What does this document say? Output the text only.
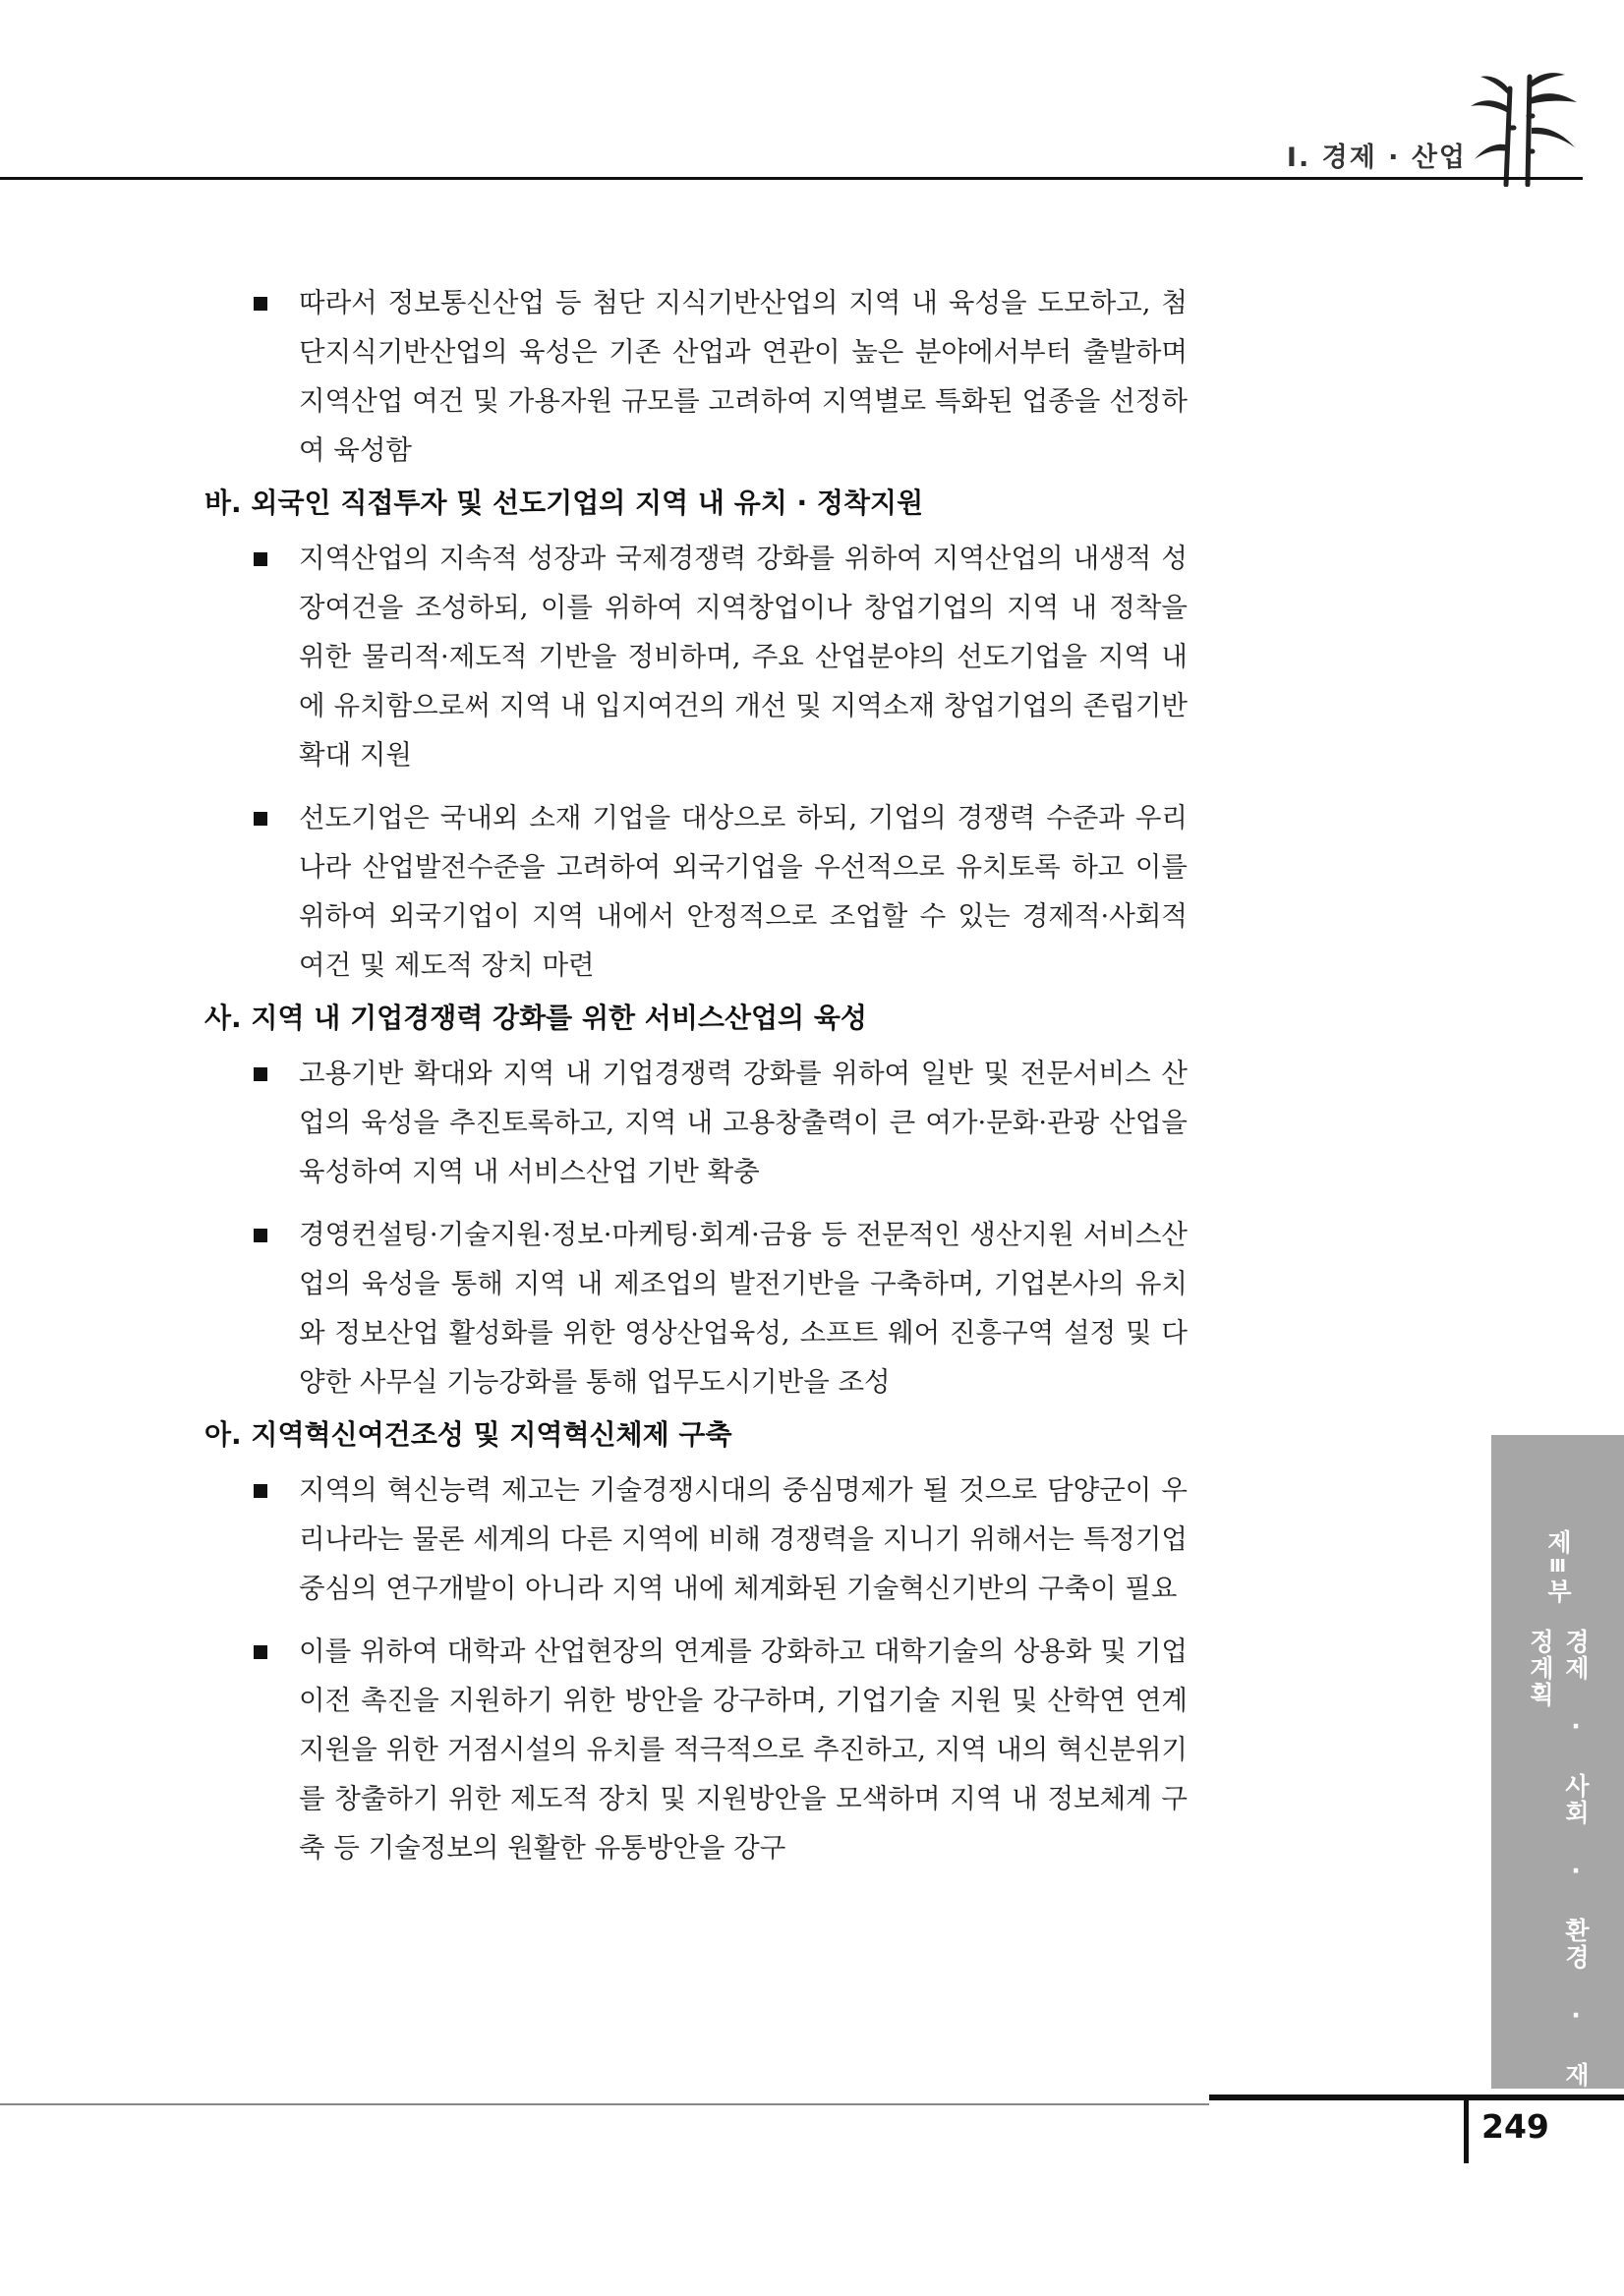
Ⅰ. 경제 · 산업
따라서 정보통신산업 등 첨단 지식기반산업의 지역 내 육성을 도모하고, 첨단지식기반산업의 육성은 기존 산업과 연관이 높은 분야에서부터 출발하며 지역산업 여건 및 가용자원 규모를 고려하여 지역별로 특화된 업종을 선정하여 육성함
바. 외국인 직접투자 및 선도기업의 지역 내 유치 · 정착지원
지역산업의 지속적 성장과 국제경쟁력 강화를 위하여 지역산업의 내생적 성장여건을 조성하되, 이를 위하여 지역창업이나 창업기업의 지역 내 정착을 위한 물리적·제도적 기반을 정비하며, 주요 산업분야의 선도기업을 지역 내에 유치함으로써 지역 내 입지여건의 개선 및 지역소재 창업기업의 존립기반 확대 지원
선도기업은 국내외 소재 기업을 대상으로 하되, 기업의 경쟁력 수준과 우리나라 산업발전수준을 고려하여 외국기업을 우선적으로 유치토록 하고 이를 위하여 외국기업이 지역 내에서 안정적으로 조업할 수 있는 경제적·사회적 여건 및 제도적 장치 마련
사. 지역 내 기업경쟁력 강화를 위한 서비스산업의 육성
고용기반 확대와 지역 내 기업경쟁력 강화를 위하여 일반 및 전문서비스 산업의 육성을 추진토록하고, 지역 내 고용창출력이 큰 여가·문화·관광 산업을 육성하여 지역 내 서비스산업 기반 확충
경영컨설팅·기술지원·정보·마케팅·회계·금융 등 전문적인 생산지원 서비스산업의 육성을 통해 지역 내 제조업의 발전기반을 구축하며, 기업본사의 유치와 정보산업 활성화를 위한 영상산업육성, 소프트 웨어 진흥구역 설정 및 다양한 사무실 기능강화를 통해 업무도시기반을 조성
아. 지역혁신여건조성 및 지역혁신체제 구축
지역의 혁신능력 제고는 기술경쟁시대의 중심명제가 될 것으로 담양군이 우리나라는 물론 세계의 다른 지역에 비해 경쟁력을 지니기 위해서는 특정기업 중심의 연구개발이 아니라 지역 내에 체계화된 기술혁신기반의 구축이 필요
이를 위하여 대학과 산업현장의 연계를 강화하고 대학기술의 상용화 및 기업이전 촉진을 지원하기 위한 방안을 강구하며, 기업기술 지원 및 산학연 연계지원을 위한 거점시설의 유치를 적극적으로 추진하고, 지역 내의 혁신분위기를 창출하기 위한 제도적 장치 및 지원방안을 모색하며 지역 내 정보체계 구축 등 기술정보의 원활한 유통방안을 강구
제
Ⅲ
부
경제 · 사회 · 환경 · 재정계획
249
